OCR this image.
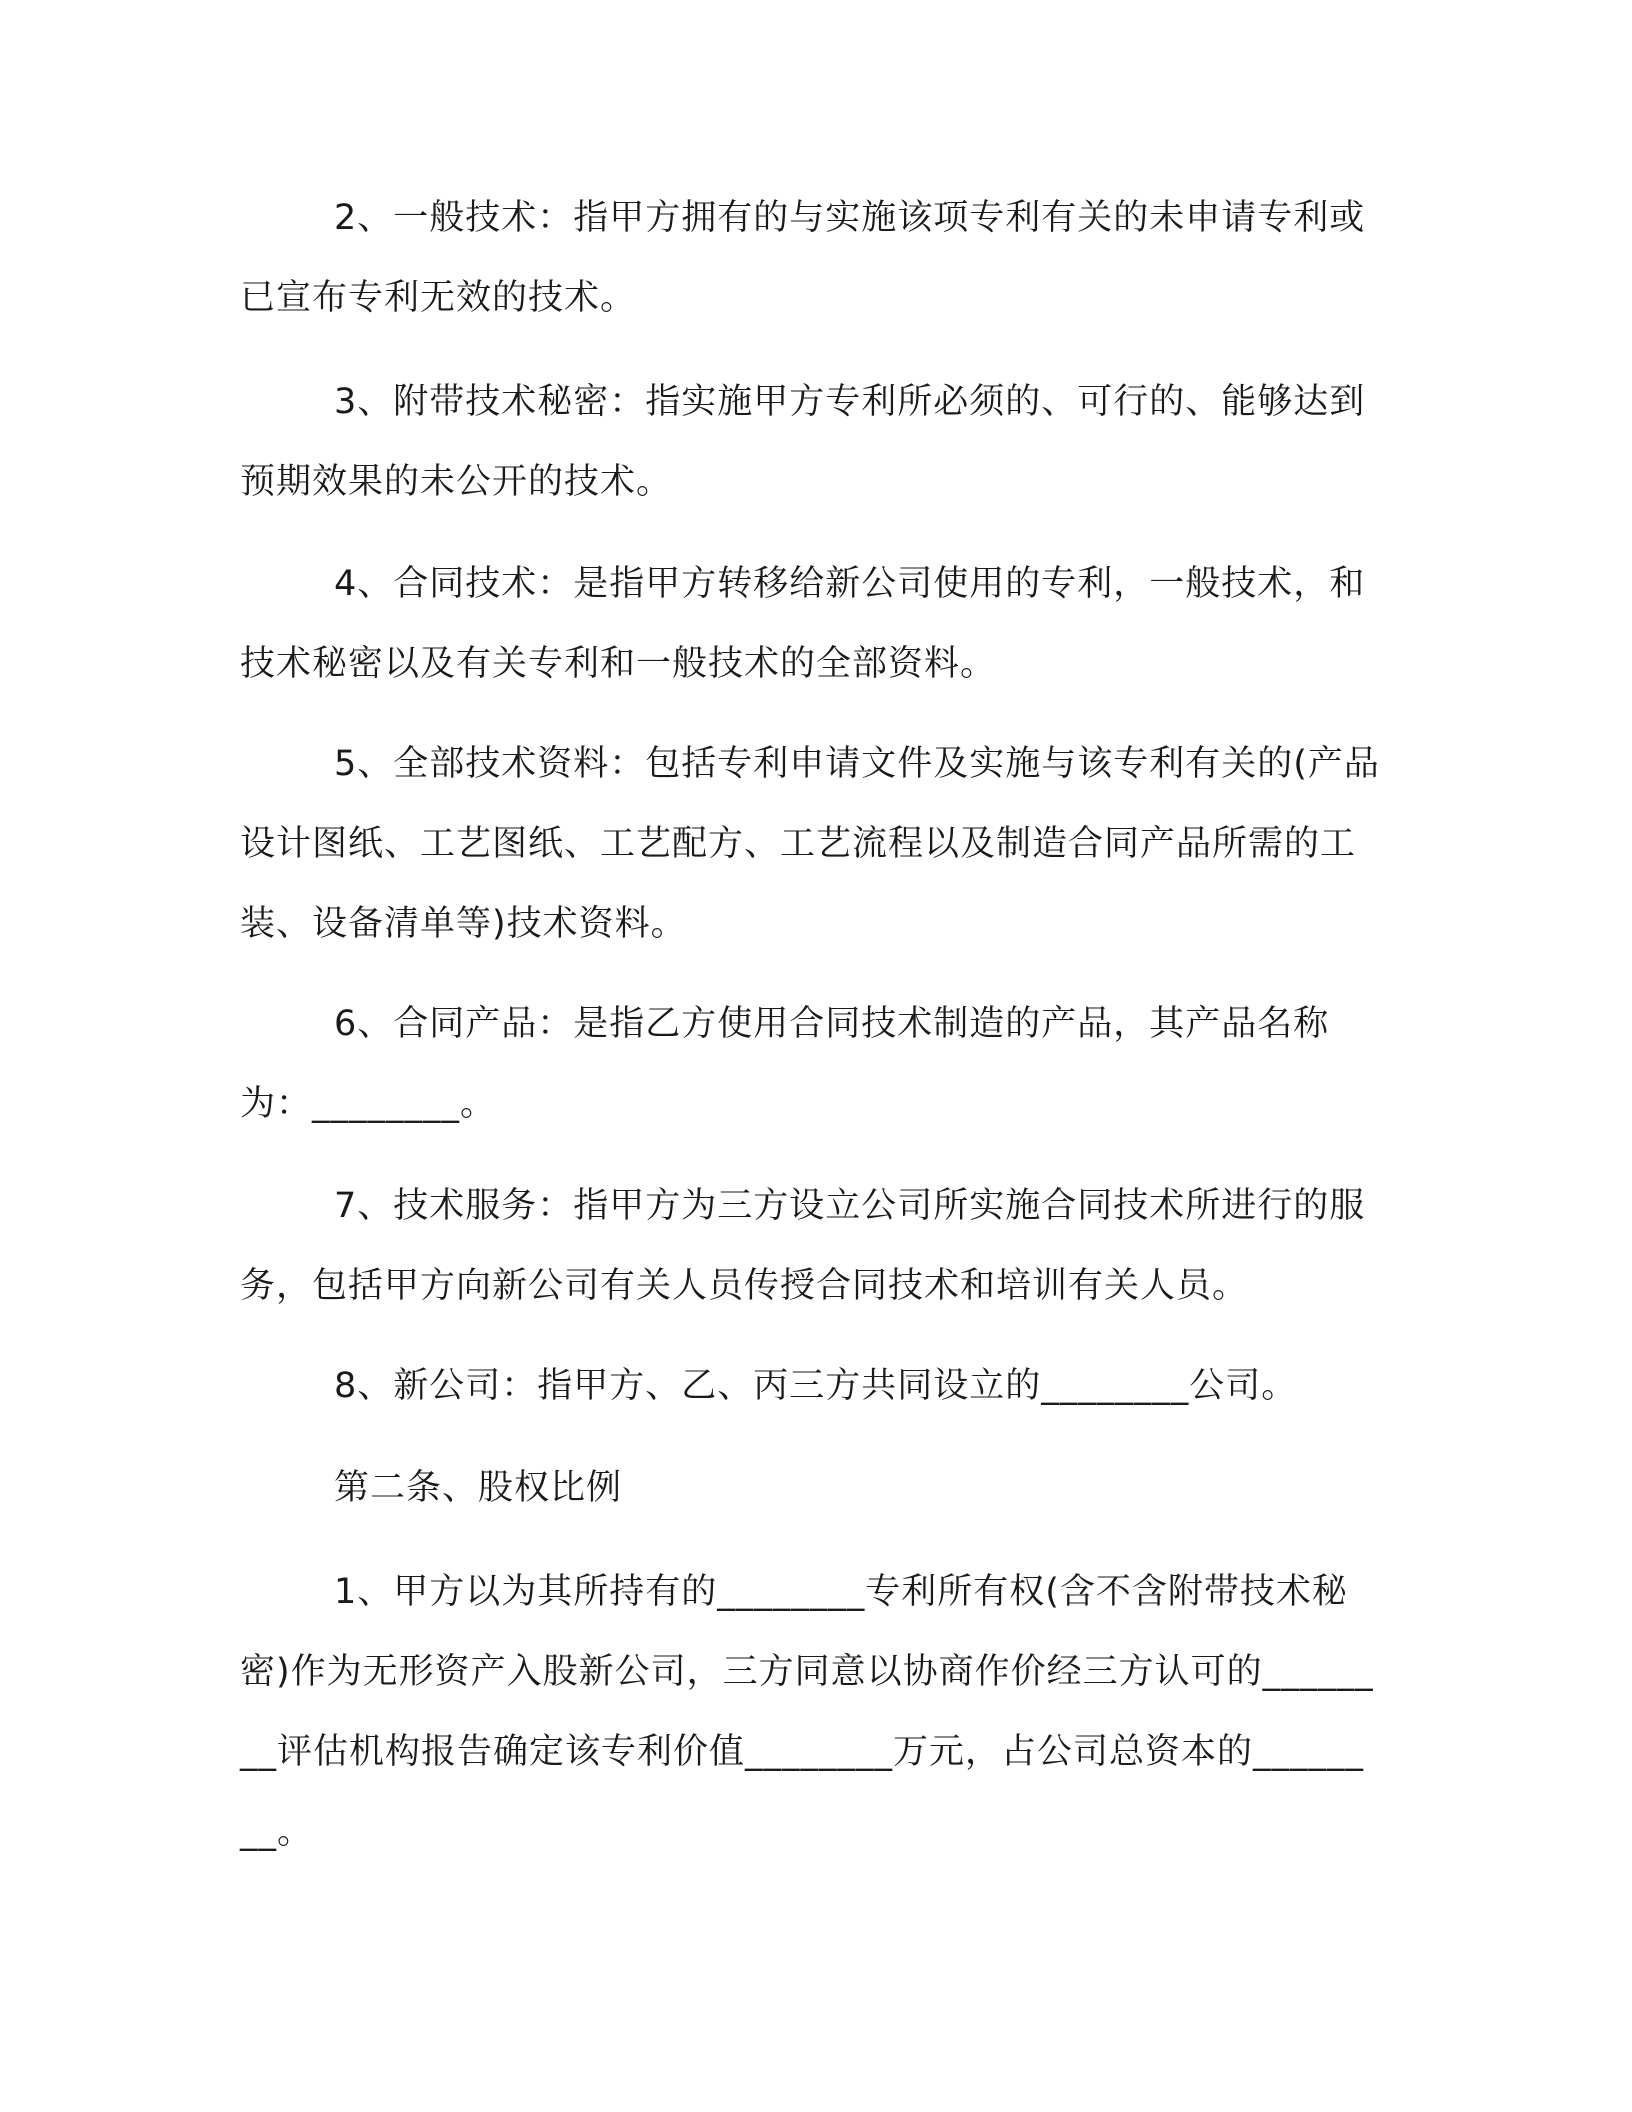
2、一般技术：指甲方拥有的与实施该项专利有关的未申请专利或已宣布专利无效的技术。

3、附带技术秘密：指实施甲方专利所必须的、可行的、能够达到预期效果的未公开的技术。

4、合同技术：是指甲方转移给新公司使用的专利，一般技术，和技术秘密以及有关专利和一般技术的全部资料。

5、全部技术资料：包括专利申请文件及实施与该专利有关的(产品设计图纸、工艺图纸、工艺配方、工艺流程以及制造合同产品所需的工装、设备清单等)技术资料。

6、合同产品：是指乙方使用合同技术制造的产品，其产品名称为：________。

7、技术服务：指甲方为三方设立公司所实施合同技术所进行的服务，包括甲方向新公司有关人员传授合同技术和培训有关人员。

8、新公司：指甲方、乙、丙三方共同设立的________公司。

第二条、股权比例

1、甲方以为其所持有的________专利所有权(含不含附带技术秘密)作为无形资产入股新公司，三方同意以协商作价经三方认可的________评估机构报告确定该专利价值________万元，占公司总资本的________。
